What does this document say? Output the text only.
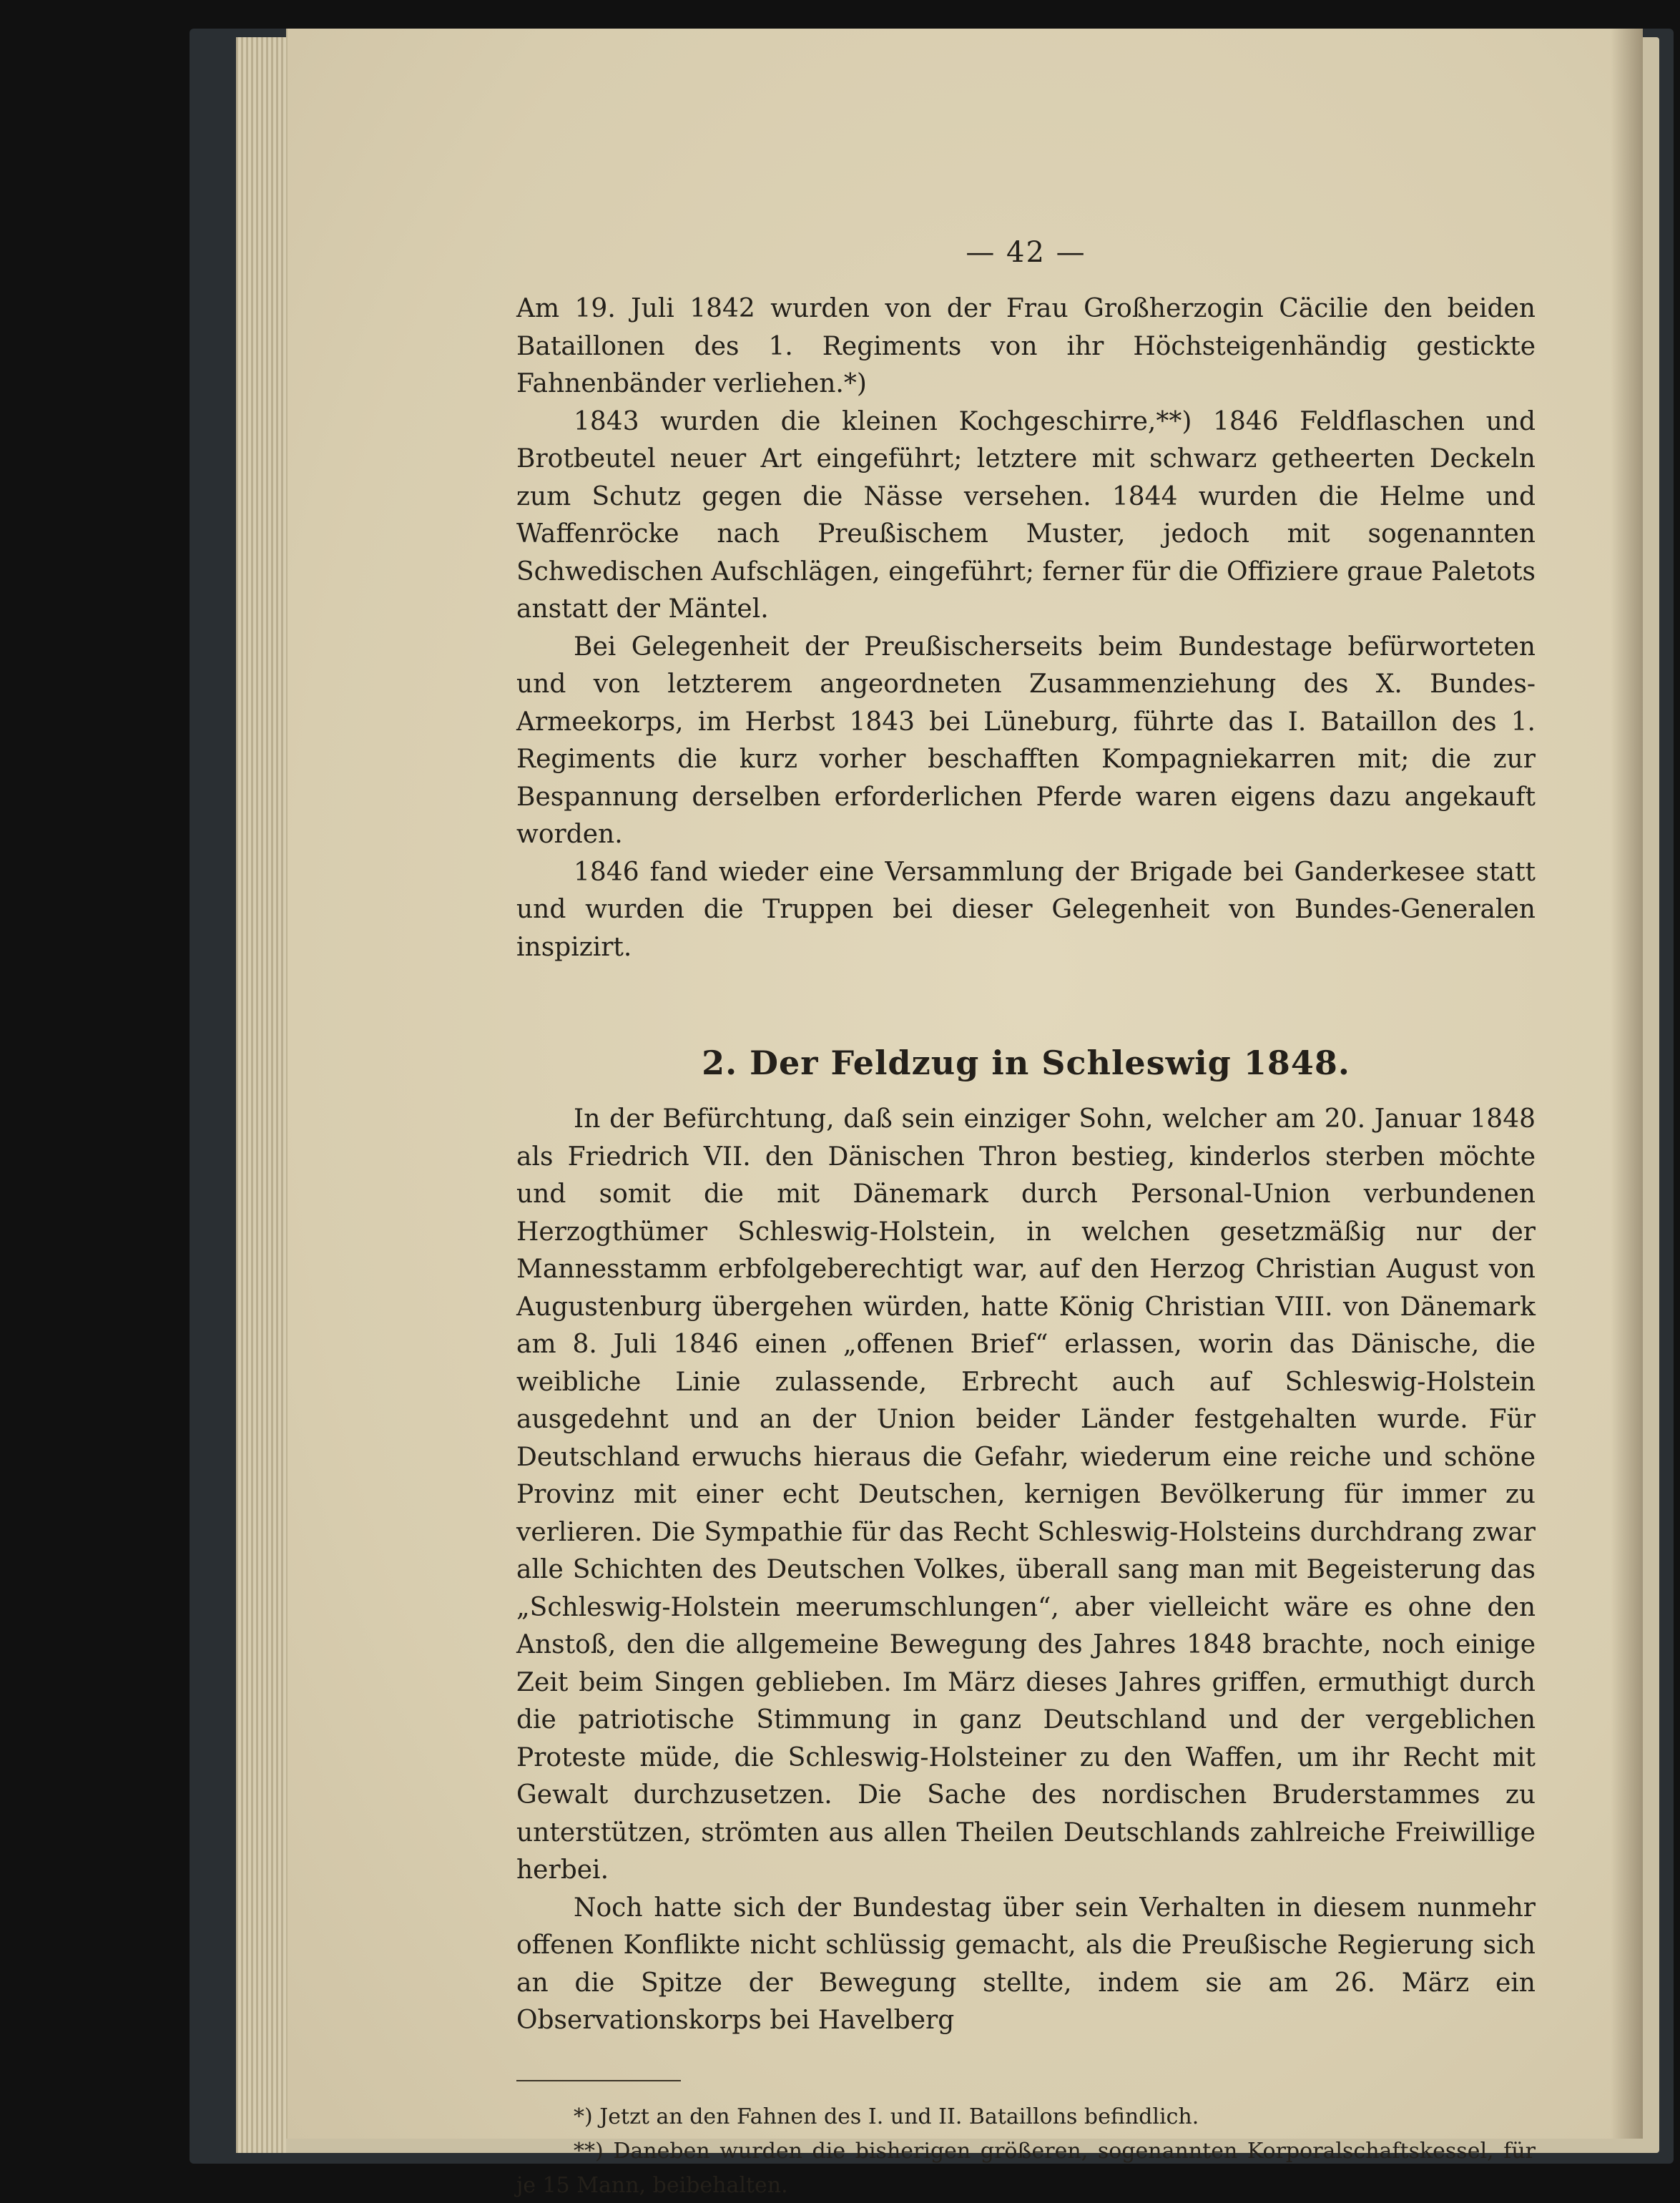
— 42 —

Am 19. Juli 1842 wurden von der Frau Großherzogin Cäcilie den beiden Bataillonen des 1. Regiments von ihr Höchsteigenhändig gestickte Fahnenbänder verliehen.*)

1843 wurden die kleinen Kochgeschirre,**) 1846 Feldflaschen und Brotbeutel neuer Art eingeführt; letztere mit schwarz getheerten Deckeln zum Schutz gegen die Nässe versehen. 1844 wurden die Helme und Waffenröcke nach Preußischem Muster, jedoch mit sogenannten Schwedischen Aufschlägen, eingeführt; ferner für die Offiziere graue Paletots anstatt der Mäntel.

Bei Gelegenheit der Preußischerseits beim Bundestage befürworteten und von letzterem angeordneten Zusammenziehung des X. Bundes-Armeekorps, im Herbst 1843 bei Lüneburg, führte das I. Bataillon des 1. Regiments die kurz vorher beschafften Kompagniekarren mit; die zur Bespannung derselben erforderlichen Pferde waren eigens dazu angekauft worden.

1846 fand wieder eine Versammlung der Brigade bei Ganderkesee statt und wurden die Truppen bei dieser Gelegenheit von Bundes-Generalen inspizirt.

2. Der Feldzug in Schleswig 1848.

In der Befürchtung, daß sein einziger Sohn, welcher am 20. Januar 1848 als Friedrich VII. den Dänischen Thron bestieg, kinderlos sterben möchte und somit die mit Dänemark durch Personal-Union verbundenen Herzogthümer Schleswig-Holstein, in welchen gesetzmäßig nur der Mannesstamm erbfolgeberechtigt war, auf den Herzog Christian August von Augustenburg übergehen würden, hatte König Christian VIII. von Dänemark am 8. Juli 1846 einen „offenen Brief“ erlassen, worin das Dänische, die weibliche Linie zulassende, Erbrecht auch auf Schleswig-Holstein ausgedehnt und an der Union beider Länder festgehalten wurde. Für Deutschland erwuchs hieraus die Gefahr, wiederum eine reiche und schöne Provinz mit einer echt Deutschen, kernigen Bevölkerung für immer zu verlieren. Die Sympathie für das Recht Schleswig-Holsteins durchdrang zwar alle Schichten des Deutschen Volkes, überall sang man mit Begeisterung das „Schleswig-Holstein meerumschlungen“, aber vielleicht wäre es ohne den Anstoß, den die allgemeine Bewegung des Jahres 1848 brachte, noch einige Zeit beim Singen geblieben. Im März dieses Jahres griffen, ermuthigt durch die patriotische Stimmung in ganz Deutschland und der vergeblichen Proteste müde, die Schleswig-Holsteiner zu den Waffen, um ihr Recht mit Gewalt durchzusetzen. Die Sache des nordischen Bruderstammes zu unterstützen, strömten aus allen Theilen Deutschlands zahlreiche Freiwillige herbei.

Noch hatte sich der Bundestag über sein Verhalten in diesem nunmehr offenen Konflikte nicht schlüssig gemacht, als die Preußische Regierung sich an die Spitze der Bewegung stellte, indem sie am 26. März ein Observationskorps bei Havelberg

*) Jetzt an den Fahnen des I. und II. Bataillons befindlich.

**) Daneben wurden die bisherigen größeren, sogenannten Korporalschaftskessel, für je 15 Mann, beibehalten.
